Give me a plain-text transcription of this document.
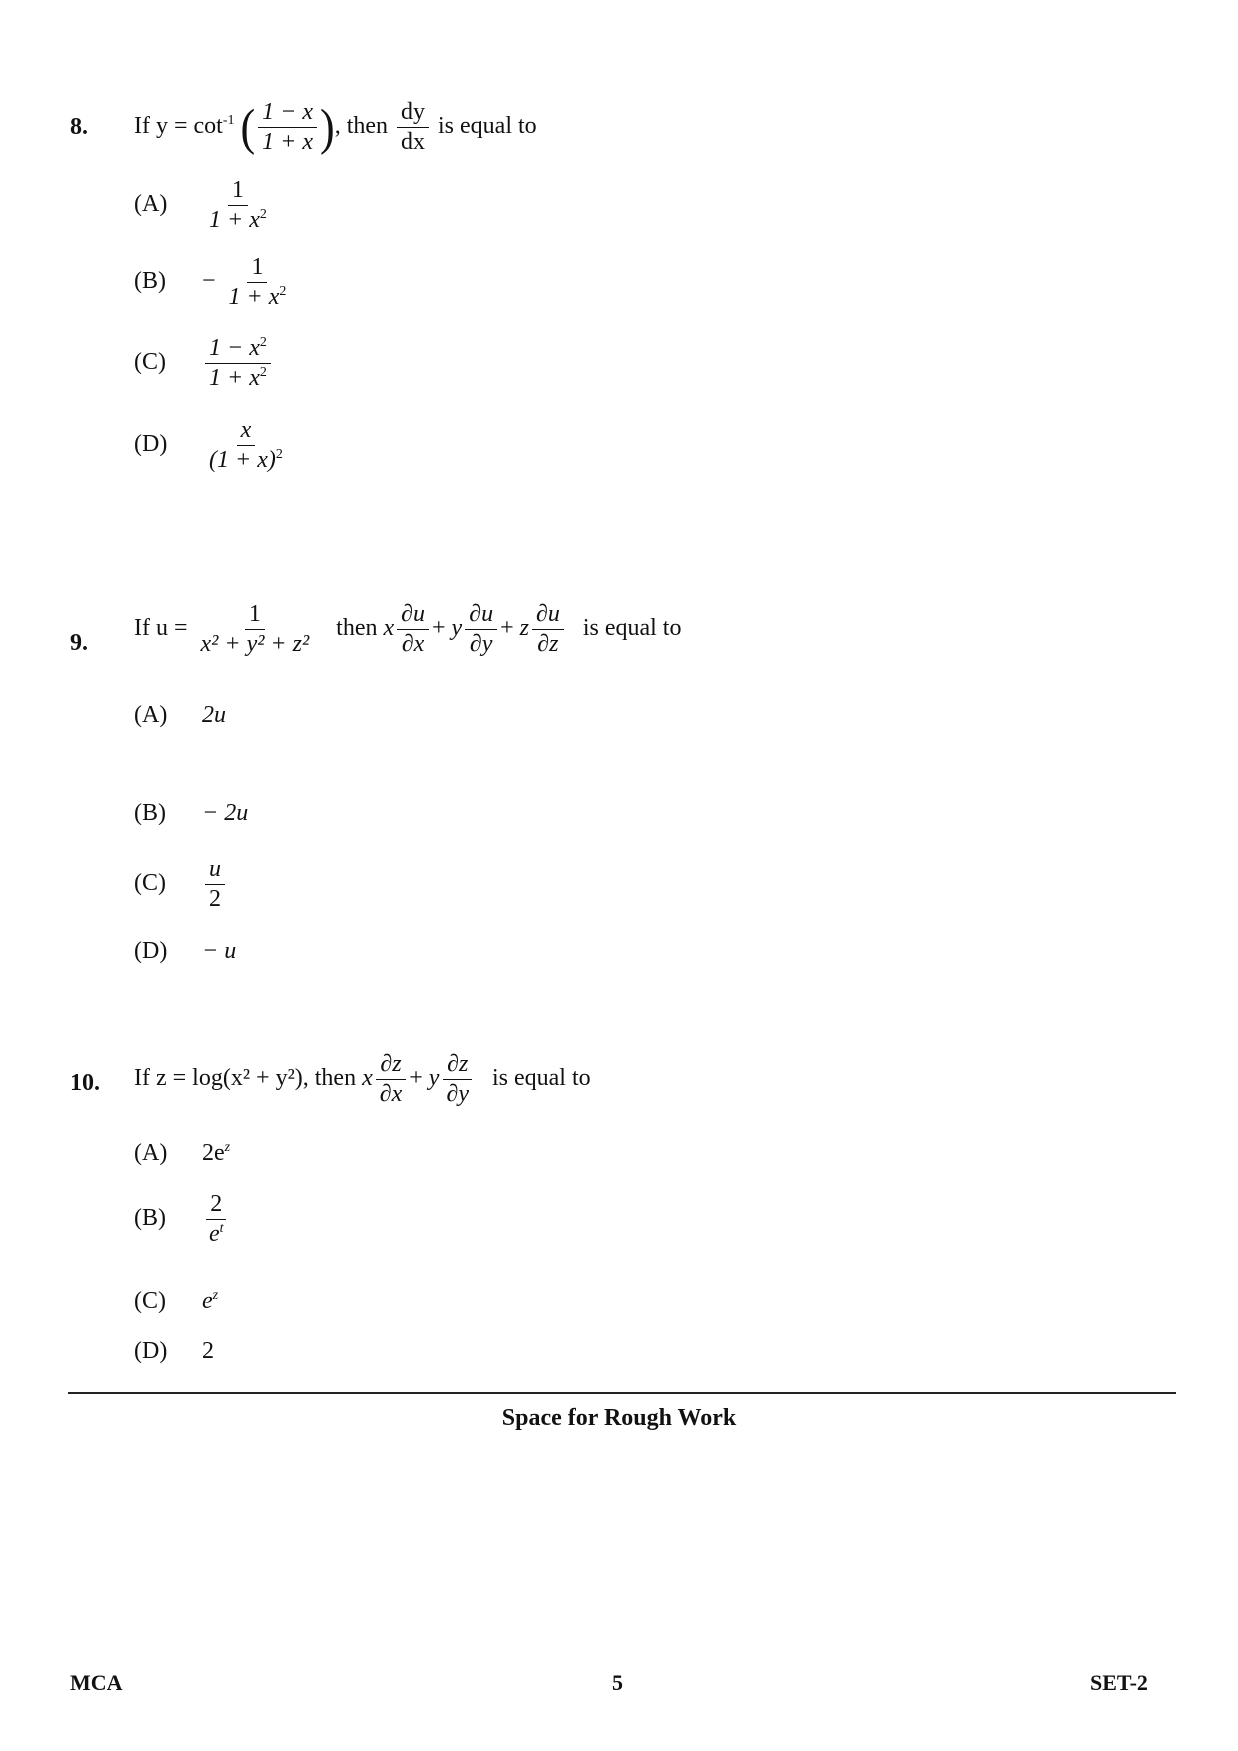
8. If $y = \cot^{-1}$ ( $\frac{1 - x}{1 + x}$ ) , then $\frac{dy}{dx}$ is equal to
$(A) \frac{1}{1 + x^2}$
$(B) - \frac{1}{1 + x^2}$
$(C) \frac{1 - x^2}{1 + x^2}$
$(D) \frac{x}{(1 + x)^2}$
9.
If $u = \frac{1}{\text{x² + y² + z²}}$ then x $\frac{\partial u}{\partial x} + y \frac{\partial u}{\partial y} + z \frac{\partial u}{\partial z}$ is equal to
(A) 2u
(B) − 2u
$(C) \frac{u}{2}$
(D) − u
10. If z = log(x² + y²), then x $\frac{\partial z}{\partial x} + y \frac{\partial z}{\partial y}$ is equal to
(A) $2e^z$
$(B) \frac{2}{e^t}$
(C) $e^z$
(D) 2
Space for Rough Work
MCA	5	SET-2
